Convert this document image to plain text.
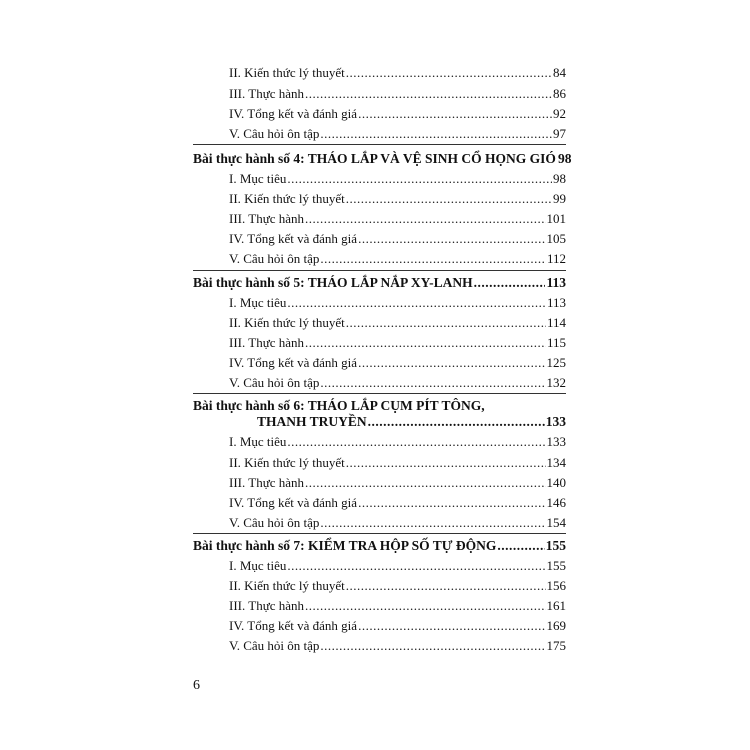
II. Kiến thức lý thuyết .....	84
III. Thực hành .....	86
IV. Tổng kết và đánh giá .....	92
V. Câu hỏi ôn tập .....	97
Bài thực hành số 4: THÁO LẮP VÀ VỆ SINH CỔ HỌNG GIÓ 98
I. Mục tiêu .....	98
II. Kiến thức lý thuyết .....	99
III. Thực hành .....	101
IV. Tổng kết và đánh giá .....	105
V. Câu hỏi ôn tập .....	112
Bài thực hành số 5: THÁO LẮP NẮP XY-LANH .....	113
I. Mục tiêu .....	113
II. Kiến thức lý thuyết .....	114
III. Thực hành .....	115
IV. Tổng kết và đánh giá .....	125
V. Câu hỏi ôn tập .....	132
Bài thực hành số 6: THÁO LẮP CỤM PÍT TÔNG,
THANH TRUYỀN .....	133
I. Mục tiêu .....	133
II. Kiến thức lý thuyết .....	134
III. Thực hành .....	140
IV. Tổng kết và đánh giá .....	146
V. Câu hỏi ôn tập .....	154
Bài thực hành số 7: KIỂM TRA HỘP SỐ TỰ ĐỘNG .....	155
I. Mục tiêu .....	155
II. Kiến thức lý thuyết .....	156
III. Thực hành .....	161
IV. Tổng kết và đánh giá .....	169
V. Câu hỏi ôn tập .....	175
6
